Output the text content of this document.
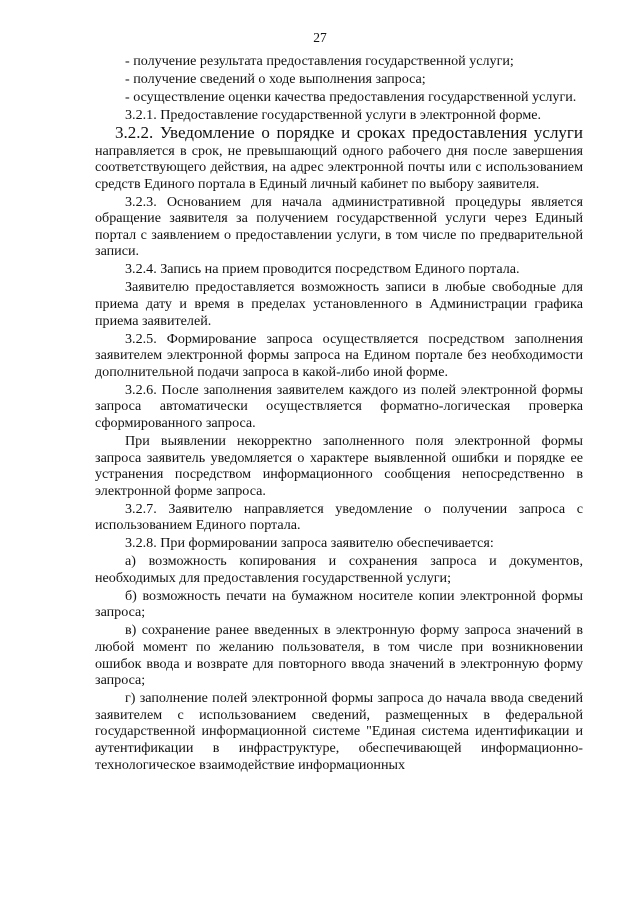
27

- получение результата предоставления государственной услуги;

- получение сведений о ходе выполнения запроса;

- осуществление оценки качества предоставления государственной услуги.

3.2.1. Предоставление государственной услуги в электронной форме.

3.2.2. Уведомление о порядке и сроках предоставления услуги направляется в срок, не превышающий одного рабочего дня после завершения соответствующего действия, на адрес электронной почты или с использованием средств Единого портала в Единый личный кабинет по выбору заявителя.

3.2.3. Основанием для начала административной процедуры является обращение заявителя за получением государственной услуги через Единый портал с заявлением о предоставлении услуги, в том числе по предварительной записи.

3.2.4. Запись на прием проводится посредством Единого портала.

Заявителю предоставляется возможность записи в любые свободные для приема дату и время в пределах установленного в Администрации графика приема заявителей.

3.2.5. Формирование запроса осуществляется посредством заполнения заявителем электронной формы запроса на Едином портале без необходимости дополнительной подачи запроса в какой-либо иной форме.

3.2.6. После заполнения заявителем каждого из полей электронной формы запроса автоматически осуществляется форматно-логическая проверка сформированного запроса.

При выявлении некорректно заполненного поля электронной формы запроса заявитель уведомляется о характере выявленной ошибки и порядке ее устранения посредством информационного сообщения непосредственно в электронной форме запроса.

3.2.7. Заявителю направляется уведомление о получении запроса с использованием Единого портала.

3.2.8. При формировании запроса заявителю обеспечивается:

а) возможность копирования и сохранения запроса и документов, необходимых для предоставления государственной услуги;

б) возможность печати на бумажном носителе копии электронной формы запроса;

в) сохранение ранее введенных в электронную форму запроса значений в любой момент по желанию пользователя, в том числе при возникновении ошибок ввода и возврате для повторного ввода значений в электронную форму запроса;

г) заполнение полей электронной формы запроса до начала ввода сведений заявителем с использованием сведений, размещенных в федеральной государственной информационной системе "Единая система идентификации и аутентификации в инфраструктуре, обеспечивающей информационно-технологическое взаимодействие информационных
